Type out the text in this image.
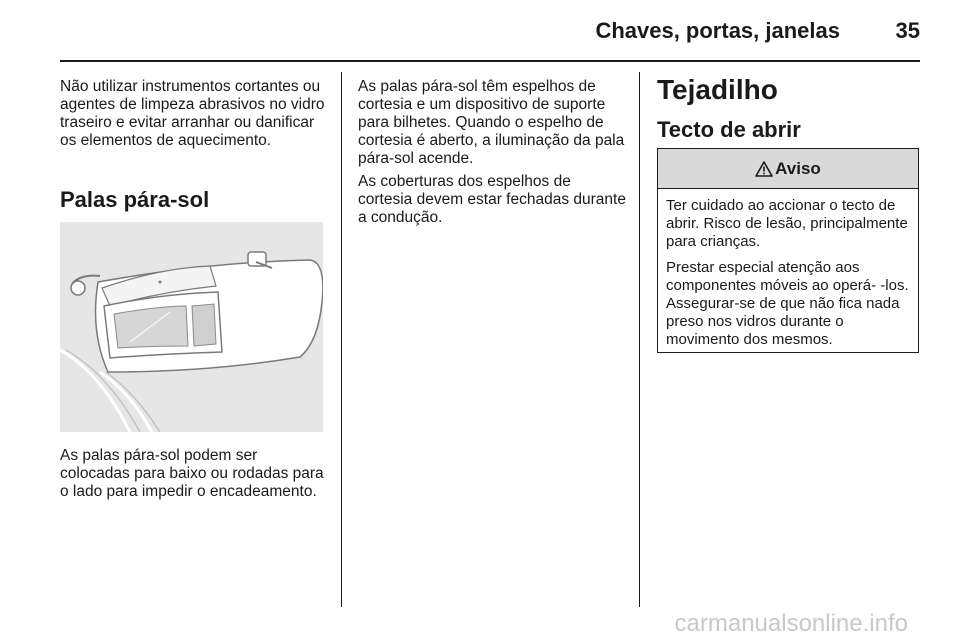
Chaves, portas, janelas	35
Não utilizar instrumentos cortantes ou agentes de limpeza abrasivos no vidro traseiro e evitar arranhar ou danificar os elementos de aquecimento.
Palas pára-sol
As palas pára-sol podem ser colocadas para baixo ou rodadas para o lado para impedir o encadeamento.
As palas pára-sol têm espelhos de cortesia e um dispositivo de suporte para bilhetes. Quando o espelho de cortesia é aberto, a iluminação da pala pára-sol acende.
As coberturas dos espelhos de cortesia devem estar fechadas durante a condução.
Tejadilho
Tecto de abrir
Aviso

Ter cuidado ao accionar o tecto de abrir. Risco de lesão, principalmente para crianças.

Prestar especial atenção aos componentes móveis ao operá- -los. Assegurar-se de que não fica nada preso nos vidros durante o movimento dos mesmos.

carmanualsonline.info
